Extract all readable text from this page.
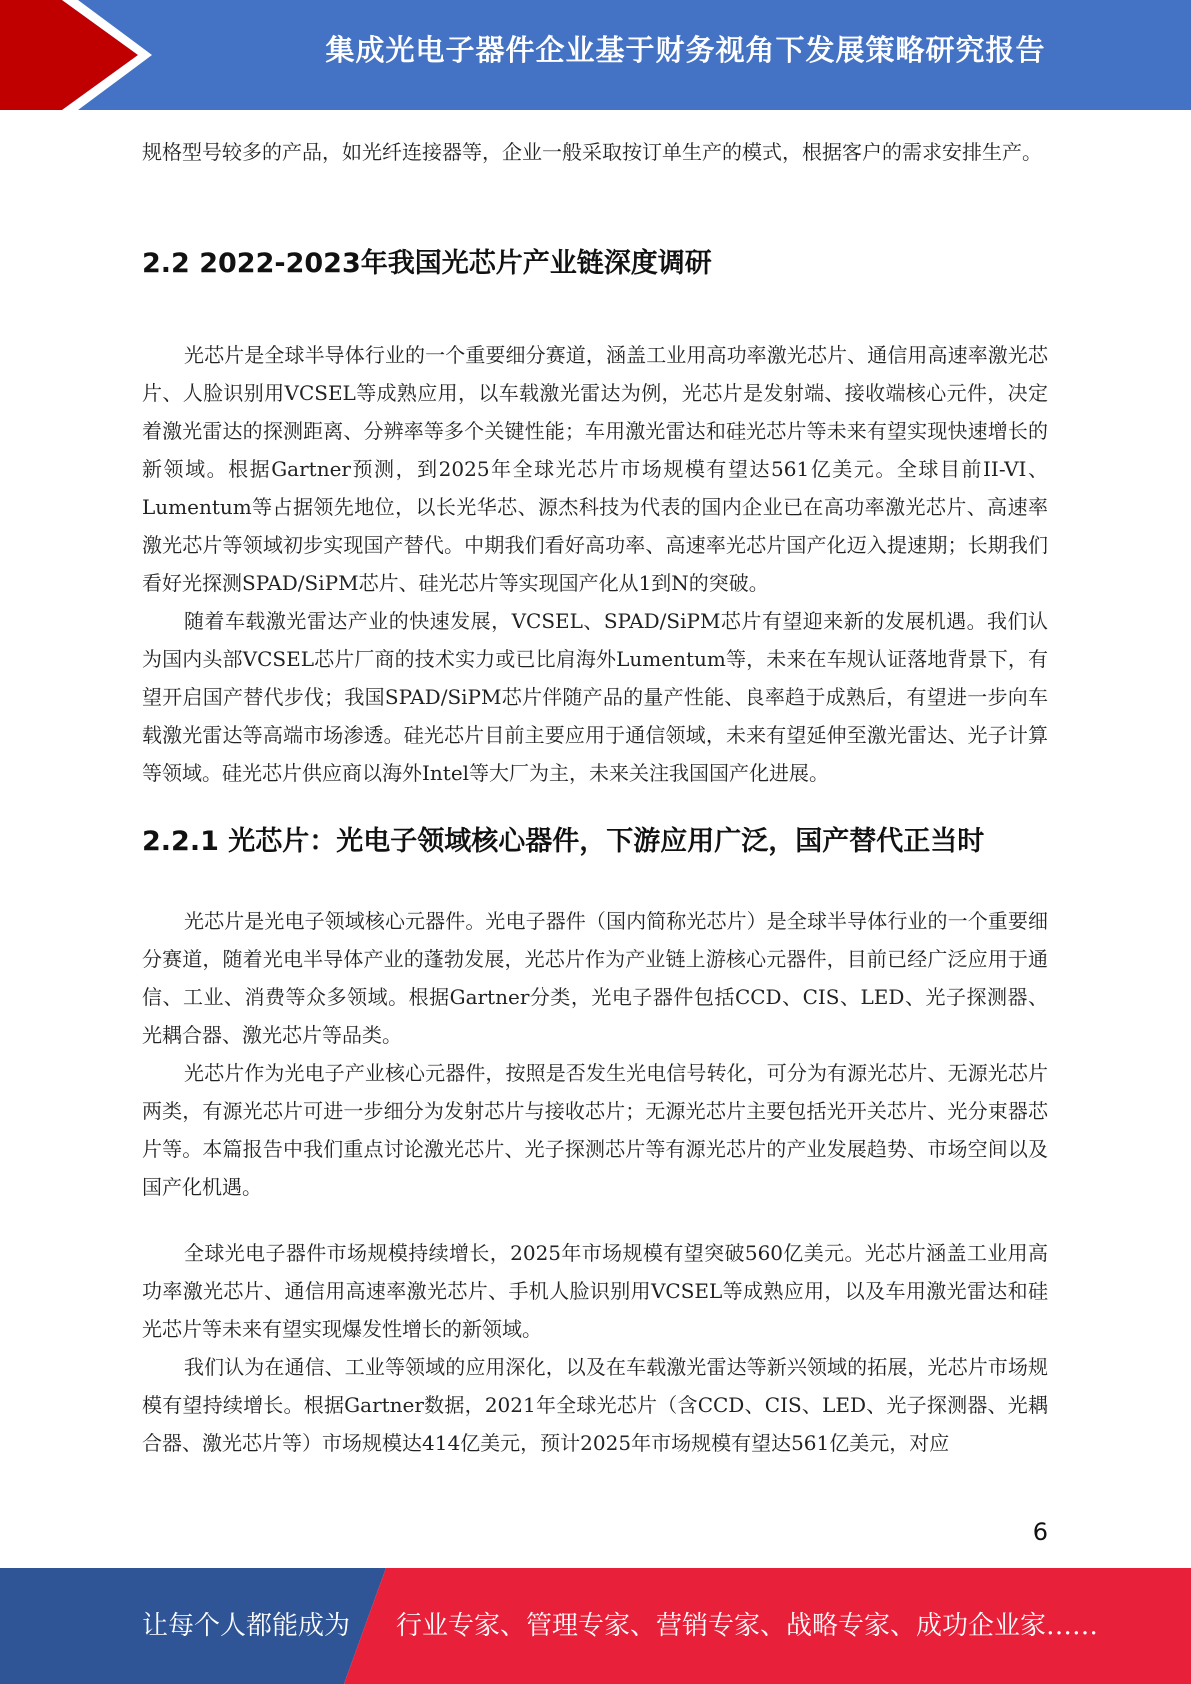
集成光电子器件企业基于财务视角下发展策略研究报告

规格型号较多的产品，如光纤连接器等，企业一般采取按订单生产的模式，根据客户的需求安排生产。

2.2 2022-2023年我国光芯片产业链深度调研

光芯片是全球半导体行业的一个重要细分赛道，涵盖工业用高功率激光芯片、通信用高速率激光芯片、人脸识别用VCSEL等成熟应用，以车载激光雷达为例，光芯片是发射端、接收端核心元件，决定着激光雷达的探测距离、分辨率等多个关键性能；车用激光雷达和硅光芯片等未来有望实现快速增长的新领域。根据Gartner预测，到2025年全球光芯片市场规模有望达561亿美元。全球目前II-VI、Lumentum等占据领先地位，以长光华芯、源杰科技为代表的国内企业已在高功率激光芯片、高速率激光芯片等领域初步实现国产替代。中期我们看好高功率、高速率光芯片国产化迈入提速期；长期我们看好光探测SPAD/SiPM芯片、硅光芯片等实现国产化从1到N的突破。

随着车载激光雷达产业的快速发展，VCSEL、SPAD/SiPM芯片有望迎来新的发展机遇。我们认为国内头部VCSEL芯片厂商的技术实力或已比肩海外Lumentum等，未来在车规认证落地背景下，有望开启国产替代步伐；我国SPAD/SiPM芯片伴随产品的量产性能、良率趋于成熟后，有望进一步向车载激光雷达等高端市场渗透。硅光芯片目前主要应用于通信领域，未来有望延伸至激光雷达、光子计算等领域。硅光芯片供应商以海外Intel等大厂为主，未来关注我国国产化进展。

2.2.1 光芯片：光电子领域核心器件，下游应用广泛，国产替代正当时

光芯片是光电子领域核心元器件。光电子器件（国内简称光芯片）是全球半导体行业的一个重要细分赛道，随着光电半导体产业的蓬勃发展，光芯片作为产业链上游核心元器件，目前已经广泛应用于通信、工业、消费等众多领域。根据Gartner分类，光电子器件包括CCD、CIS、LED、光子探测器、光耦合器、激光芯片等品类。

光芯片作为光电子产业核心元器件，按照是否发生光电信号转化，可分为有源光芯片、无源光芯片两类，有源光芯片可进一步细分为发射芯片与接收芯片；无源光芯片主要包括光开关芯片、光分束器芯片等。本篇报告中我们重点讨论激光芯片、光子探测芯片等有源光芯片的产业发展趋势、市场空间以及国产化机遇。

全球光电子器件市场规模持续增长，2025年市场规模有望突破560亿美元。光芯片涵盖工业用高功率激光芯片、通信用高速率激光芯片、手机人脸识别用VCSEL等成熟应用，以及车用激光雷达和硅光芯片等未来有望实现爆发性增长的新领域。

我们认为在通信、工业等领域的应用深化，以及在车载激光雷达等新兴领域的拓展，光芯片市场规模有望持续增长。根据Gartner数据，2021年全球光芯片（含CCD、CIS、LED、光子探测器、光耦合器、激光芯片等）市场规模达414亿美元，预计2025年市场规模有望达561亿美元，对应

6
让每个人都能成为 行业专家、管理专家、营销专家、战略专家、成功企业家……
